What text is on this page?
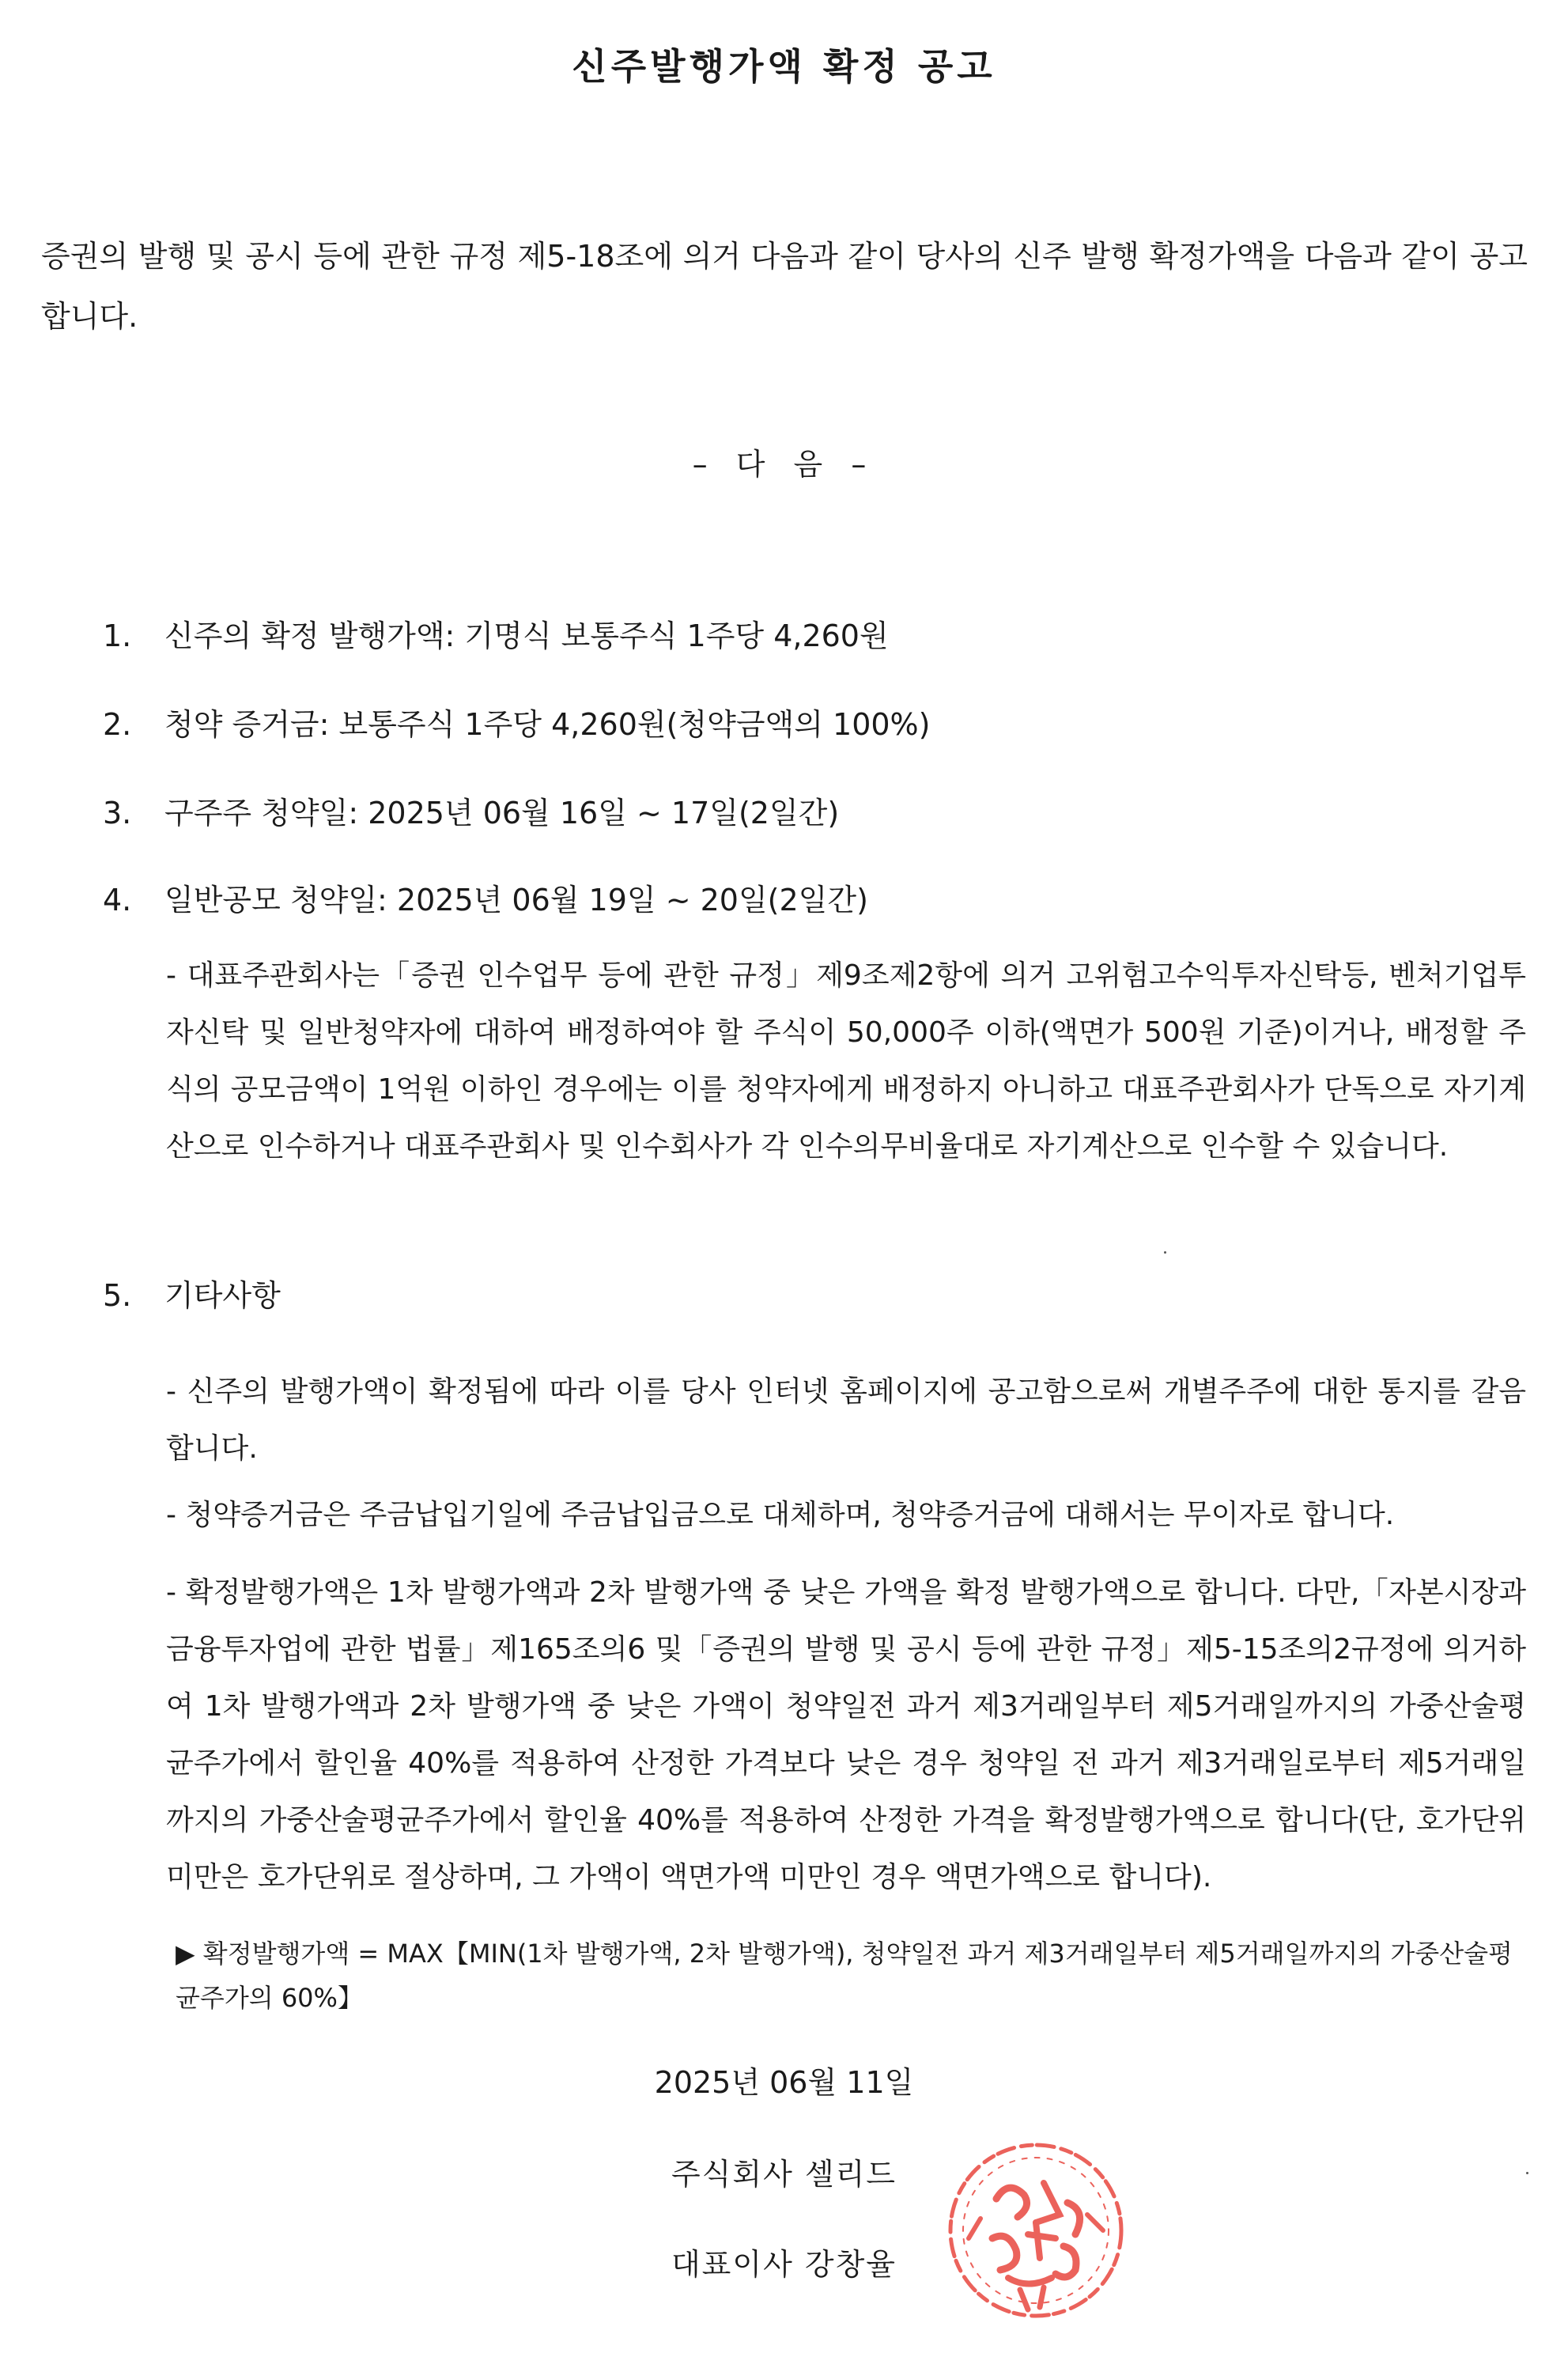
신주발행가액 확정 공고
증권의 발행 및 공시 등에 관한 규정 제5-18조에 의거 다음과 같이 당사의 신주 발행 확정가액을 다음과 같이 공고합니다.
– 다 음 –
1. 신주의 확정 발행가액: 기명식 보통주식 1주당 4,260원
2. 청약 증거금: 보통주식 1주당 4,260원(청약금액의 100%)
3. 구주주 청약일: 2025년 06월 16일 ~ 17일(2일간)
4. 일반공모 청약일: 2025년 06월 19일 ~ 20일(2일간)
- 대표주관회사는「증권 인수업무 등에 관한 규정」제9조제2항에 의거 고위험고수익투자신탁등, 벤처기업투자신탁 및 일반청약자에 대하여 배정하여야 할 주식이 50,000주 이하(액면가 500원 기준)이거나, 배정할 주식의 공모금액이 1억원 이하인 경우에는 이를 청약자에게 배정하지 아니하고 대표주관회사가 단독으로 자기계산으로 인수하거나 대표주관회사 및 인수회사가 각 인수의무비율대로 자기계산으로 인수할 수 있습니다.
5. 기타사항
- 신주의 발행가액이 확정됨에 따라 이를 당사 인터넷 홈페이지에 공고함으로써 개별주주에 대한 통지를 갈음합니다.
- 청약증거금은 주금납입기일에 주금납입금으로 대체하며, 청약증거금에 대해서는 무이자로 합니다.
- 확정발행가액은 1차 발행가액과 2차 발행가액 중 낮은 가액을 확정 발행가액으로 합니다. 다만,「자본시장과 금융투자업에 관한 법률」제165조의6 및「증권의 발행 및 공시 등에 관한 규정」제5-15조의2규정에 의거하여 1차 발행가액과 2차 발행가액 중 낮은 가액이 청약일전 과거 제3거래일부터 제5거래일까지의 가중산술평균주가에서 할인율 40%를 적용하여 산정한 가격보다 낮은 경우 청약일 전 과거 제3거래일로부터 제5거래일까지의 가중산술평균주가에서 할인율 40%를 적용하여 산정한 가격을 확정발행가액으로 합니다(단, 호가단위 미만은 호가단위로 절상하며, 그 가액이 액면가액 미만인 경우 액면가액으로 합니다).
▶ 확정발행가액 = MAX【MIN(1차 발행가액, 2차 발행가액), 청약일전 과거 제3거래일부터 제5거래일까지의 가중산술평균주가의 60%】
2025년 06월 11일
주식회사 셀리드
대표이사 강창율
